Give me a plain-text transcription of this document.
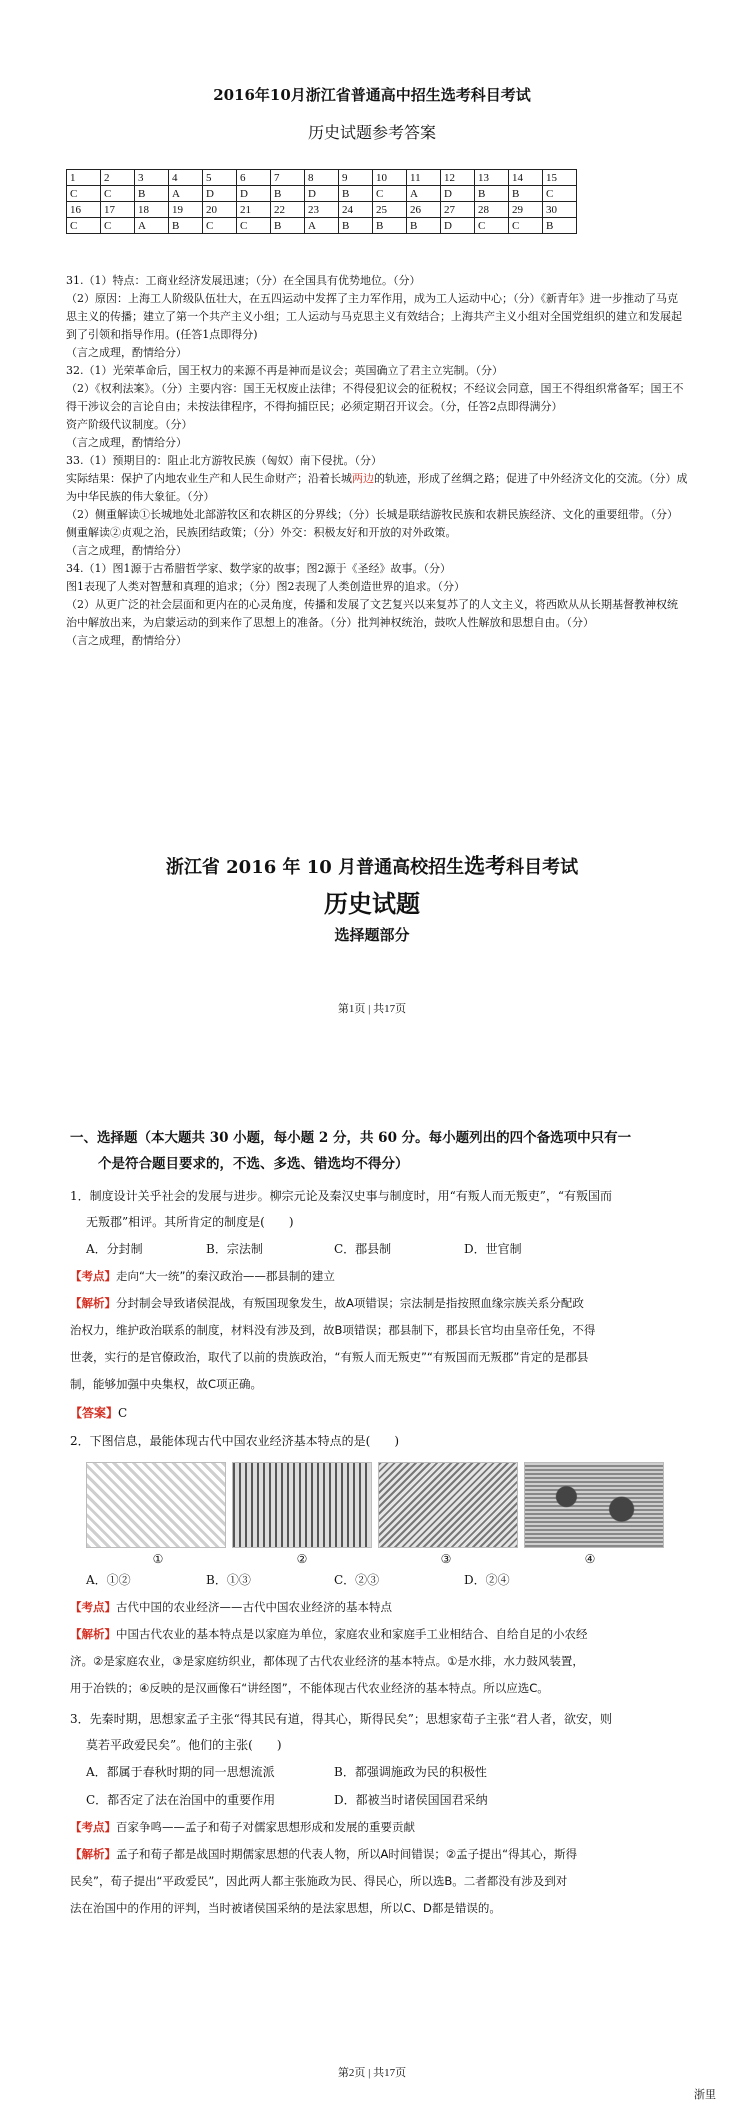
2016年10月浙江省普通高中招生选考科目考试
历史试题参考答案
1	2	3	4	5	6	7	8	9	10	11	12	13	14	15
C	C	B	A	D	D	B	D	B	C	A	D	B	B	C
16	17	18	19	20	21	22	23	24	25	26	27	28	29	30
C	C	A	B	C	C	B	A	B	B	B	D	C	C	B

31.（1）特点：工商业经济发展迅速；（分）在全国具有优势地位。（分）

（2）原因：上海工人阶级队伍壮大，在五四运动中发挥了主力军作用，成为工人运动中心；（分）《新青年》进一步推动了马克思主义的传播；建立了第一个共产主义小组；工人运动与马克思主义有效结合；上海共产主义小组对全国党组织的建立和发展起到了引领和指导作用。(任答1点即得分)

（言之成理，酌情给分）

32.（1）光荣革命后，国王权力的来源不再是神而是议会；英国确立了君主立宪制。（分）

（2）《权利法案》。（分）主要内容：国王无权废止法律；不得侵犯议会的征税权；不经议会同意，国王不得组织常备军；国王不得干涉议会的言论自由；未按法律程序，不得拘捕臣民；必须定期召开议会。（分，任答2点即得满分）

资产阶级代议制度。（分）

（言之成理，酌情给分）

33.（1）预期目的：阻止北方游牧民族（匈奴）南下侵扰。（分）

实际结果：保护了内地农业生产和人民生命财产；沿着长城两边的轨迹，形成了丝绸之路；促进了中外经济文化的交流。（分）成为中华民族的伟大象征。（分）

（2）侧重解读①长城地处北部游牧区和农耕区的分界线；（分）长城是联结游牧民族和农耕民族经济、文化的重要纽带。（分）

侧重解读②贞观之治，民族团结政策；（分）外交：积极友好和开放的对外政策。

（言之成理，酌情给分）

34.（1）图1源于古希腊哲学家、数学家的故事；图2源于《圣经》故事。（分）

图1表现了人类对智慧和真理的追求；（分）图2表现了人类创造世界的追求。（分）

（2）从更广泛的社会层面和更内在的心灵角度，传播和发展了文艺复兴以来复苏了的人文主义，将西欧从从长期基督教神权统治中解放出来，为启蒙运动的到来作了思想上的准备。（分）批判神权统治，鼓吹人性解放和思想自由。（分）

（言之成理，酌情给分）

浙江省 2016 年 10 月普通高校招生选考科目考试
历史试题
选择题部分
第1页 | 共17页
一、选择题（本大题共 30 小题，每小题 2 分，共 60 分。每小题列出的四个备选项中只有一
个是符合题目要求的，不选、多选、错选均不得分）

1．制度设计关乎社会的发展与进步。柳宗元论及秦汉史事与制度时，用“有叛人而无叛吏”，“有叛国而

无叛郡”相评。其所肯定的制度是(　　)

A．分封制	B．宗法制	C．郡县制	D．世官制

【考点】走向“大一统”的秦汉政治——郡县制的建立

【解析】分封制会导致诸侯混战，有叛国现象发生，故A项错误；宗法制是指按照血缘宗族关系分配政

治权力，维护政治联系的制度，材料没有涉及到，故B项错误；郡县制下，郡县长官均由皇帝任免，不得

世袭，实行的是官僚政治，取代了以前的贵族政治，“有叛人而无叛吏”“有叛国而无叛郡”肯定的是郡县

制，能够加强中央集权，故C项正确。

【答案】C

2．下图信息，最能体现古代中国农业经济基本特点的是(　　)

①	②	③	④
A．①②	B．①③	C．②③	D．②④

【考点】古代中国的农业经济——古代中国农业经济的基本特点

【解析】中国古代农业的基本特点是以家庭为单位，家庭农业和家庭手工业相结合、自给自足的小农经

济。②是家庭农业，③是家庭纺织业，都体现了古代农业经济的基本特点。①是水排，水力鼓风装置，

用于冶铁的；④反映的是汉画像石“讲经图”，不能体现古代农业经济的基本特点。所以应选C。

3．先秦时期，思想家孟子主张“得其民有道，得其心，斯得民矣”；思想家荀子主张“君人者，欲安，则

莫若平政爱民矣”。他们的主张(　　)

A．都属于春秋时期的同一思想流派	B．都强调施政为民的积极性
C．都否定了法在治国中的重要作用	D．都被当时诸侯国国君采纳

【考点】百家争鸣——孟子和荀子对儒家思想形成和发展的重要贡献

【解析】孟子和荀子都是战国时期儒家思想的代表人物，所以A时间错误；②孟子提出“得其心，斯得

民矣”，荀子提出“平政爱民”，因此两人都主张施政为民、得民心，所以选B。二者都没有涉及到对

法在治国中的作用的评判，当时被诸侯国采纳的是法家思想，所以C、D都是错误的。

第2页 | 共17页
浙里
